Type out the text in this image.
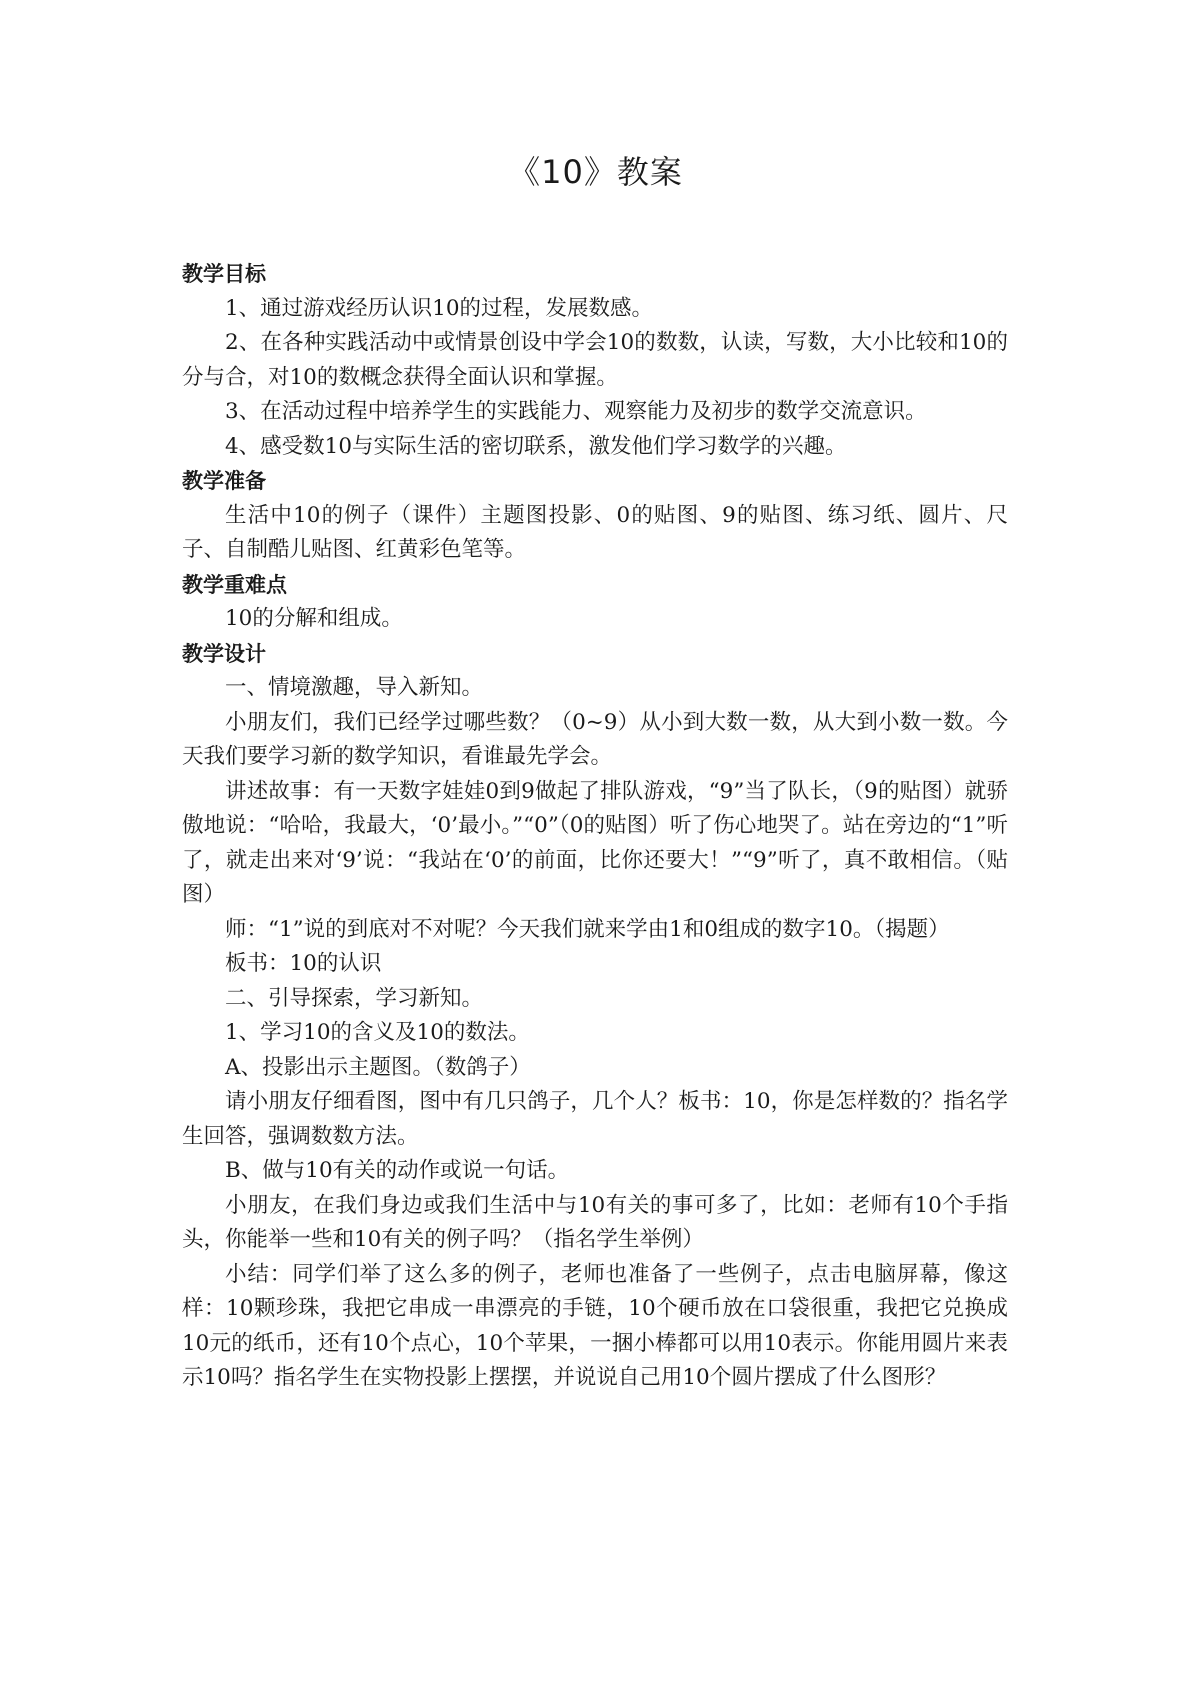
《10》教案
教学目标

1、通过游戏经历认识10的过程，发展数感。

2、在各种实践活动中或情景创设中学会10的数数，认读，写数，大小比较和10的分与合，对10的数概念获得全面认识和掌握。

3、在活动过程中培养学生的实践能力、观察能力及初步的数学交流意识。

4、感受数10与实际生活的密切联系，激发他们学习数学的兴趣。

教学准备

生活中10的例子（课件）主题图投影、0的贴图、9的贴图、练习纸、圆片、尺子、自制酷儿贴图、红黄彩色笔等。

教学重难点

10的分解和组成。

教学设计

一、情境激趣，导入新知。

小朋友们，我们已经学过哪些数？（0~9）从小到大数一数，从大到小数一数。今天我们要学习新的数学知识，看谁最先学会。

讲述故事：有一天数字娃娃0到9做起了排队游戏，“9”当了队长，（9的贴图）就骄傲地说：“哈哈，我最大，‘0’最小。”“0”（0的贴图）听了伤心地哭了。站在旁边的“1”听了，就走出来对‘9’说：“我站在‘0’的前面，比你还要大！”“9”听了，真不敢相信。（贴图）

师：“1”说的到底对不对呢？今天我们就来学由1和0组成的数字10。（揭题）

板书：10的认识

二、引导探索，学习新知。

1、学习10的含义及10的数法。

A、投影出示主题图。（数鸽子）

请小朋友仔细看图，图中有几只鸽子，几个人？板书：10，你是怎样数的？指名学生回答，强调数数方法。

B、做与10有关的动作或说一句话。

小朋友，在我们身边或我们生活中与10有关的事可多了，比如：老师有10个手指头，你能举一些和10有关的例子吗？（指名学生举例）

小结：同学们举了这么多的例子，老师也准备了一些例子，点击电脑屏幕，像这样：10颗珍珠，我把它串成一串漂亮的手链，10个硬币放在口袋很重，我把它兑换成10元的纸币，还有10个点心，10个苹果，一捆小棒都可以用10表示。你能用圆片来表示10吗？指名学生在实物投影上摆摆，并说说自己用10个圆片摆成了什么图形？
